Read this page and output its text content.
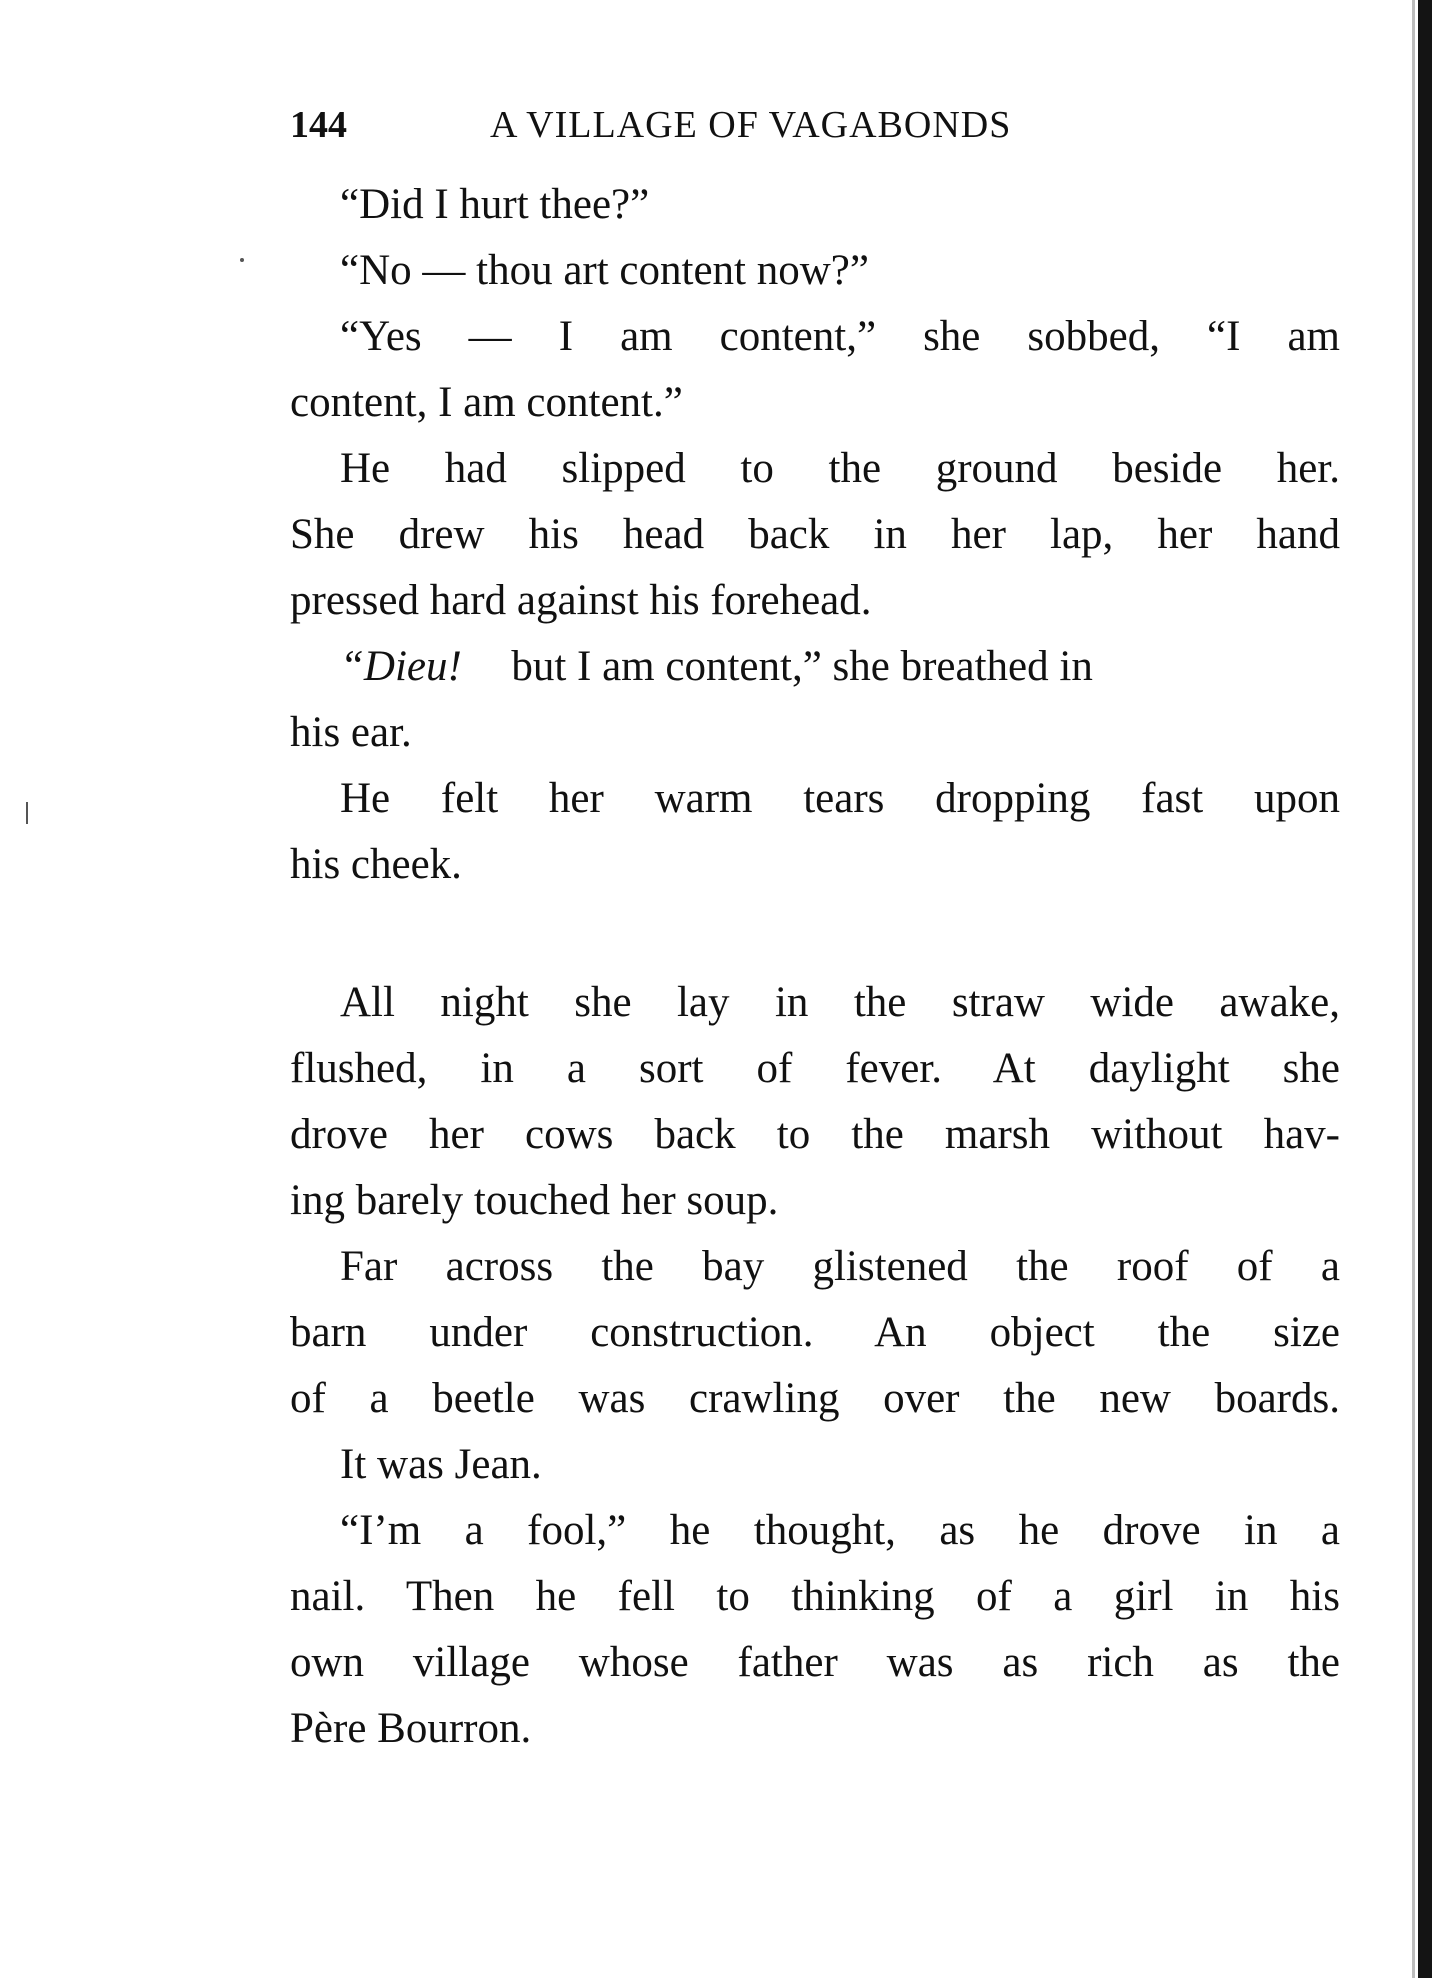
144	A VILLAGE OF VAGABONDS
“Did I hurt thee?”
“No — thou art content now?”
“Yes — I am content,” she sobbed, “I am
content, I am content.”
He had slipped to the ground beside her.
She drew his head back in her lap, her hand
pressed hard against his forehead.
“Dieu! but I am content,” she breathed in
his ear.
He felt her warm tears dropping fast upon
his cheek.
All night she lay in the straw wide awake,
flushed, in a sort of fever. At daylight she
drove her cows back to the marsh without hav-
ing barely touched her soup.
Far across the bay glistened the roof of a
barn under construction. An object the size
of a beetle was crawling over the new boards.
It was Jean.
“I’m a fool,” he thought, as he drove in a
nail. Then he fell to thinking of a girl in his
own village whose father was as rich as the
Père Bourron.
